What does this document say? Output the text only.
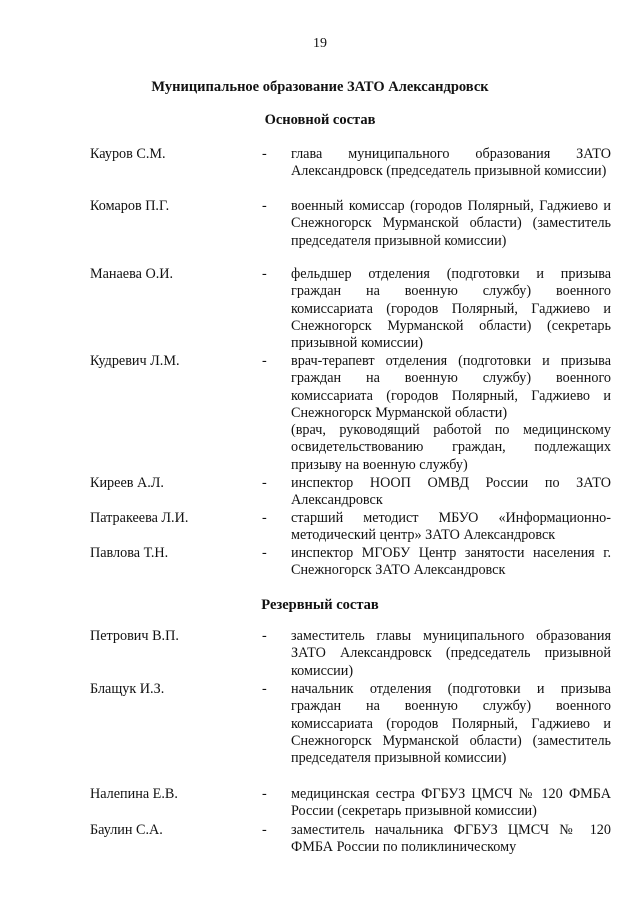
19
Муниципальное образование ЗАТО Александровск
Основной состав
Кауров С.М.	- глава муниципального образования ЗАТО Александровск (председатель призывной комиссии)
Комаров П.Г.	- военный комиссар (городов Полярный, Гаджиево и Снежногорск Мурманской области) (заместитель председателя призывной комиссии)
Манаева О.И.	- фельдшер отделения (подготовки и призыва граждан на военную службу) военного комиссариата (городов Полярный, Гаджиево и Снежногорск Мурманской области) (секретарь призывной комиссии)
Кудревич Л.М.	- врач-терапевт отделения (подготовки и призыва граждан на военную службу) военного комиссариата (городов Полярный, Гаджиево и Снежногорск Мурманской области)
(врач, руководящий работой по медицинскому освидетельствованию граждан, подлежащих призыву на военную службу)
Киреев А.Л.	- инспектор НООП ОМВД России по ЗАТО Александровск
Патракеева Л.И.	- старший методист МБУО «Информационно-методический центр» ЗАТО Александровск
Павлова Т.Н.	- инспектор МГОБУ Центр занятости населения г. Снежногорск ЗАТО Александровск
Резервный состав
Петрович В.П.	- заместитель главы муниципального образования ЗАТО Александровск (председатель призывной комиссии)
Блащук И.З.	- начальник отделения (подготовки и призыва граждан на военную службу) военного комиссариата (городов Полярный, Гаджиево и Снежногорск Мурманской области) (заместитель председателя призывной комиссии)
Налепина Е.В.	- медицинская сестра ФГБУЗ ЦМСЧ № 120 ФМБА России (секретарь призывной комиссии)
Баулин С.А.	- заместитель начальника ФГБУЗ ЦМСЧ № 120 ФМБА России по поликлиническому
